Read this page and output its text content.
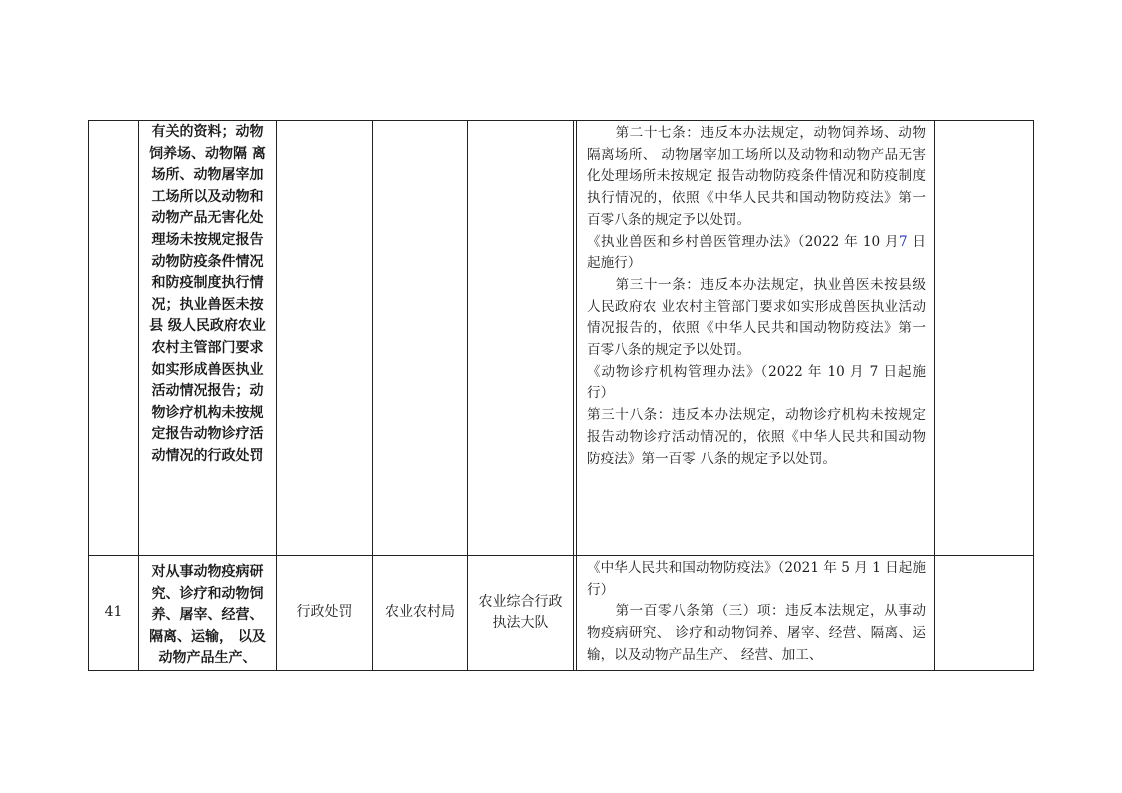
	有关的资料；动物饲养场、动物隔 离场所、动物屠宰加工场所以及动物和动物产品无害化处理场未按规定报告动物防疫条件情况和防疫制度执行情况；执业兽医未按县 级人民政府农业农村主管部门要求如实形成兽医执业活动情况报告；动物诊疗机构未按规定报告动物诊疗活动情况的行政处罚					第二十七条：违反本办法规定，动物饲养场、动物隔离场所、 动物屠宰加工场所以及动物和动物产品无害化处理场所未按规定 报告动物防疫条件情况和防疫制度执行情况的，依照《中华人民共和国动物防疫法》第一百零八条的规定予以处罚。

《执业兽医和乡村兽医管理办法》（2022 年 10 月7 日起施行）

第三十一条：违反本办法规定，执业兽医未按县级人民政府农 业农村主管部门要求如实形成兽医执业活动情况报告的，依照《中华人民共和国动物防疫法》第一百零八条的规定予以处罚。

《动物诊疗机构管理办法》（2022 年 10 月 7 日起施行）

第三十八条：违反本办法规定，动物诊疗机构未按规定报告动物诊疗活动情况的，依照《中华人民共和国动物防疫法》第一百零 八条的规定予以处罚。	

41	对从事动物疫病研究、诊疗和动物饲养、屠宰、经营、隔离、运输， 以及动物产品生产、	行政处罚	农业农村局	农业综合行政执法大队		《中华人民共和国动物防疫法》（2021 年 5 月 1 日起施行）

第一百零八条第（三）项：违反本法规定，从事动物疫病研究、 诊疗和动物饲养、屠宰、经营、隔离、运输，以及动物产品生产、 经营、加工、	
